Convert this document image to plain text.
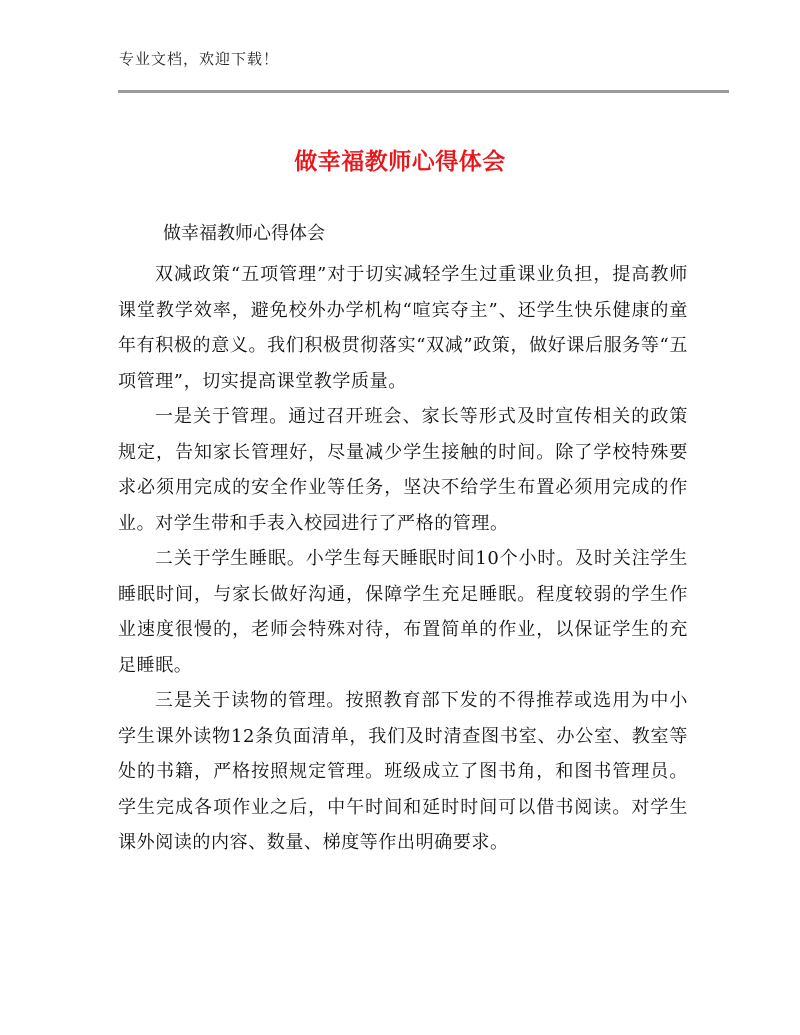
专业文档，欢迎下载！
做幸福教师心得体会
做幸福教师心得体会

双减政策“五项管理”对于切实减轻学生过重课业负担，提高教师课堂教学效率，避免校外办学机构“喧宾夺主”、还学生快乐健康的童年有积极的意义。我们积极贯彻落实“双减”政策，做好课后服务等“五项管理”，切实提高课堂教学质量。

一是关于管理。通过召开班会、家长等形式及时宣传相关的政策规定，告知家长管理好，尽量减少学生接触的时间。除了学校特殊要求必须用完成的安全作业等任务，坚决不给学生布置必须用完成的作业。对学生带和手表入校园进行了严格的管理。

二关于学生睡眠。小学生每天睡眠时间10个小时。及时关注学生睡眠时间，与家长做好沟通，保障学生充足睡眠。程度较弱的学生作业速度很慢的，老师会特殊对待，布置简单的作业，以保证学生的充足睡眠。

三是关于读物的管理。按照教育部下发的不得推荐或选用为中小学生课外读物12条负面清单，我们及时清查图书室、办公室、教室等处的书籍，严格按照规定管理。班级成立了图书角，和图书管理员。学生完成各项作业之后，中午时间和延时时间可以借书阅读。对学生课外阅读的内容、数量、梯度等作出明确要求。
